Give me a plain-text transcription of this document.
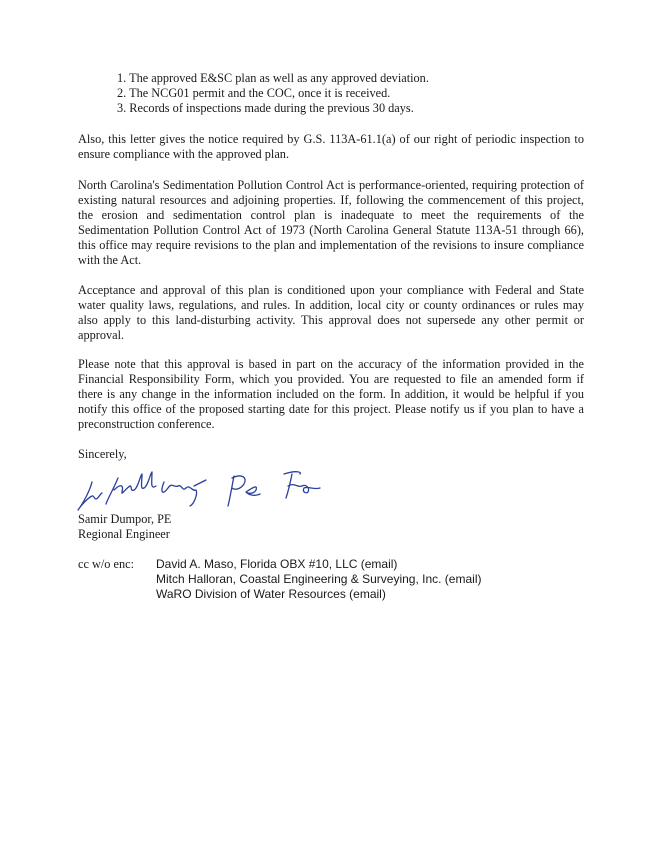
1. The approved E&SC plan as well as any approved deviation.
2. The NCG01 permit and the COC, once it is received.
3. Records of inspections made during the previous 30 days.

Also, this letter gives the notice required by G.S. 113A-61.1(a) of our right of periodic inspection to ensure compliance with the approved plan.

North Carolina's Sedimentation Pollution Control Act is performance-oriented, requiring protection of existing natural resources and adjoining properties. If, following the commencement of this project, the erosion and sedimentation control plan is inadequate to meet the requirements of the Sedimentation Pollution Control Act of 1973 (North Carolina General Statute 113A-51 through 66), this office may require revisions to the plan and implementation of the revisions to insure compliance with the Act.

Acceptance and approval of this plan is conditioned upon your compliance with Federal and State water quality laws, regulations, and rules. In addition, local city or county ordinances or rules may also apply to this land-disturbing activity. This approval does not supersede any other permit or approval.

Please note that this approval is based in part on the accuracy of the information provided in the Financial Responsibility Form, which you provided. You are requested to file an amended form if there is any change in the information included on the form. In addition, it would be helpful if you notify this office of the proposed starting date for this project. Please notify us if you plan to have a preconstruction conference.

Sincerely,

Samir Dumpor, PE
Regional Engineer
cc w/o enc: David A. Maso, Florida OBX #10, LLC (email)
Mitch Halloran, Coastal Engineering & Surveying, Inc. (email)
WaRO Division of Water Resources (email)
